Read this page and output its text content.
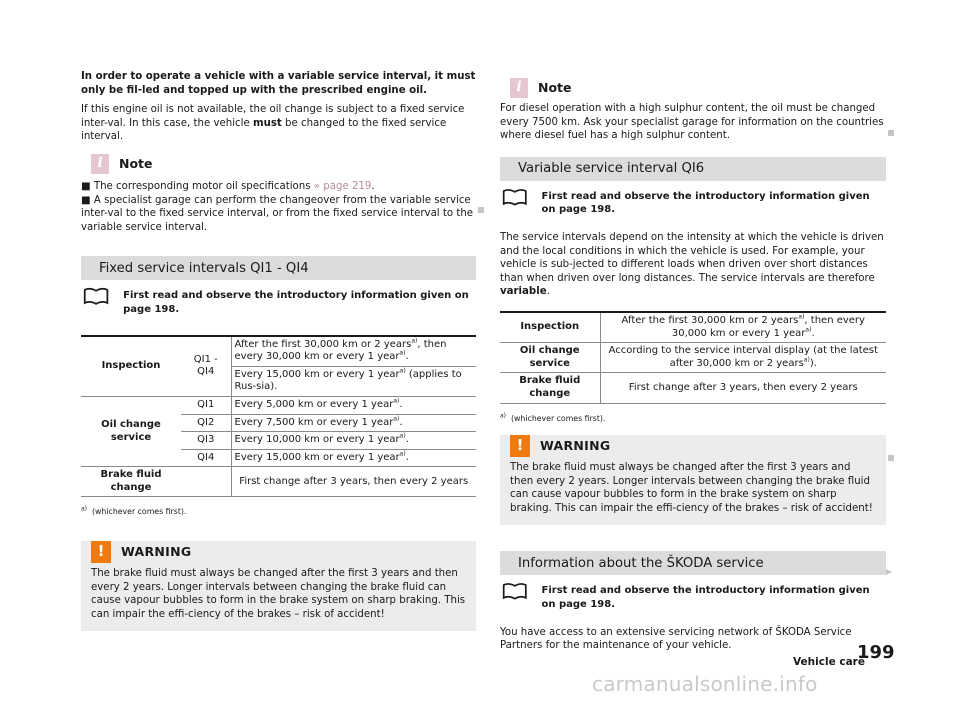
In order to operate a vehicle with a variable service interval, it must only be fil-led and topped up with the prescribed engine oil.

If this engine oil is not available, the oil change is subject to a fixed service inter-val. In this case, the vehicle must be changed to the fixed service interval.

i	Note

■ The corresponding motor oil specifications » page 219.

■ A specialist garage can perform the changeover from the variable service inter-val to the fixed service interval, or from the fixed service interval to the variable service interval.

Fixed service intervals QI1 - QI4
First read and observe the introductory information given on page 198.
Inspection	QI1 - QI4	After the first 30,000 km or 2 years$^{a)}$, then every 30,000 km or every 1 year$^{a)}$.
		Every 15,000 km or every 1 year$^{a)}$ (applies to Rus-sia).
Oil change service	QI1	Every 5,000 km or every 1 year$^{a)}$.
	QI2	Every 7,500 km or every 1 year$^{a)}$.
	QI3	Every 10,000 km or every 1 year$^{a)}$.
	QI4	Every 15,000 km or every 1 year$^{a)}$.
Brake fluid change		First change after 3 years, then every 2 years

$^{a)}$ (whichever comes first).

!	WARNING

The brake fluid must always be changed after the first 3 years and then every 2 years. Longer intervals between changing the brake fluid can cause vapour bubbles to form in the brake system on sharp braking. This can impair the effi-ciency of the brakes – risk of accident!

i	Note

For diesel operation with a high sulphur content, the oil must be changed every 7500 km. Ask your specialist garage for information on the countries where diesel fuel has a high sulphur content.

Variable service interval QI6
First read and observe the introductory information given on page 198.

The service intervals depend on the intensity at which the vehicle is driven and the local conditions in which the vehicle is used. For example, your vehicle is sub-jected to different loads when driven over short distances than when driven over long distances. The service intervals are therefore variable.

Inspection	After the first 30,000 km or 2 years$^{a)}$, then every 30,000 km or every 1 year$^{a)}$.
Oil change service	According to the service interval display (at the latest after 30,000 km or 2 years$^{a)}$).
Brake fluid change	First change after 3 years, then every 2 years

$^{a)}$ (whichever comes first).

!	WARNING

The brake fluid must always be changed after the first 3 years and then every 2 years. Longer intervals between changing the brake fluid can cause vapour bubbles to form in the brake system on sharp braking. This can impair the effi-ciency of the brakes – risk of accident!

Information about the ŠKODA service
First read and observe the introductory information given on page 198.

You have access to an extensive servicing network of ŠKODA Service Partners for the maintenance of your vehicle.

▶
Vehicle care
199
carmanualsonline.info
